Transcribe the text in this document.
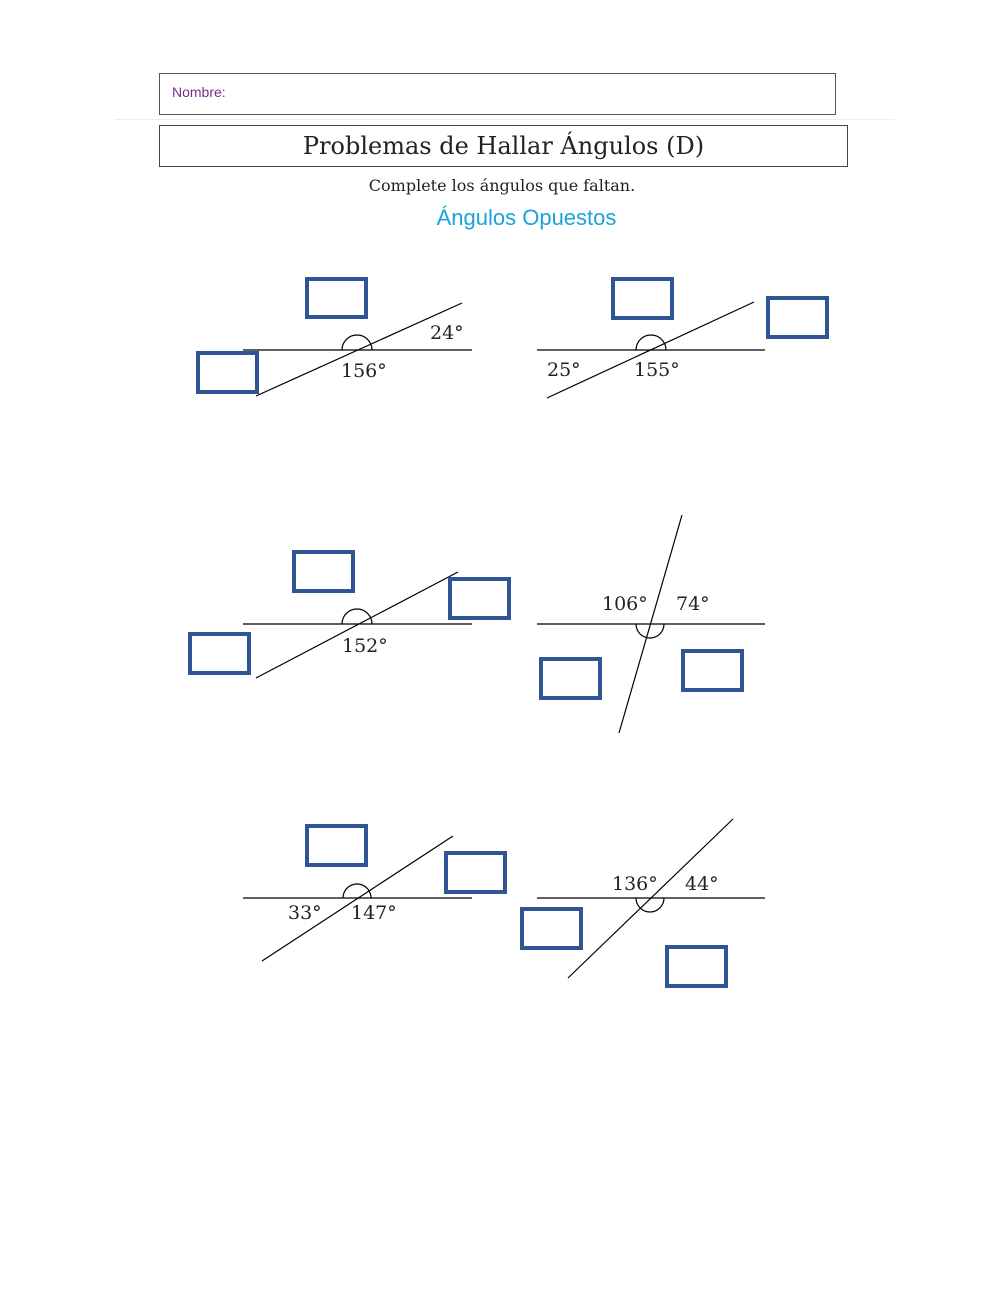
Nombre:
Problemas de Hallar Ángulos (D)
Complete los ángulos que faltan.
Ángulos Opuestos
24°
156°	25°	155°
152°
106° 74°
33° 147°
136° 44°
